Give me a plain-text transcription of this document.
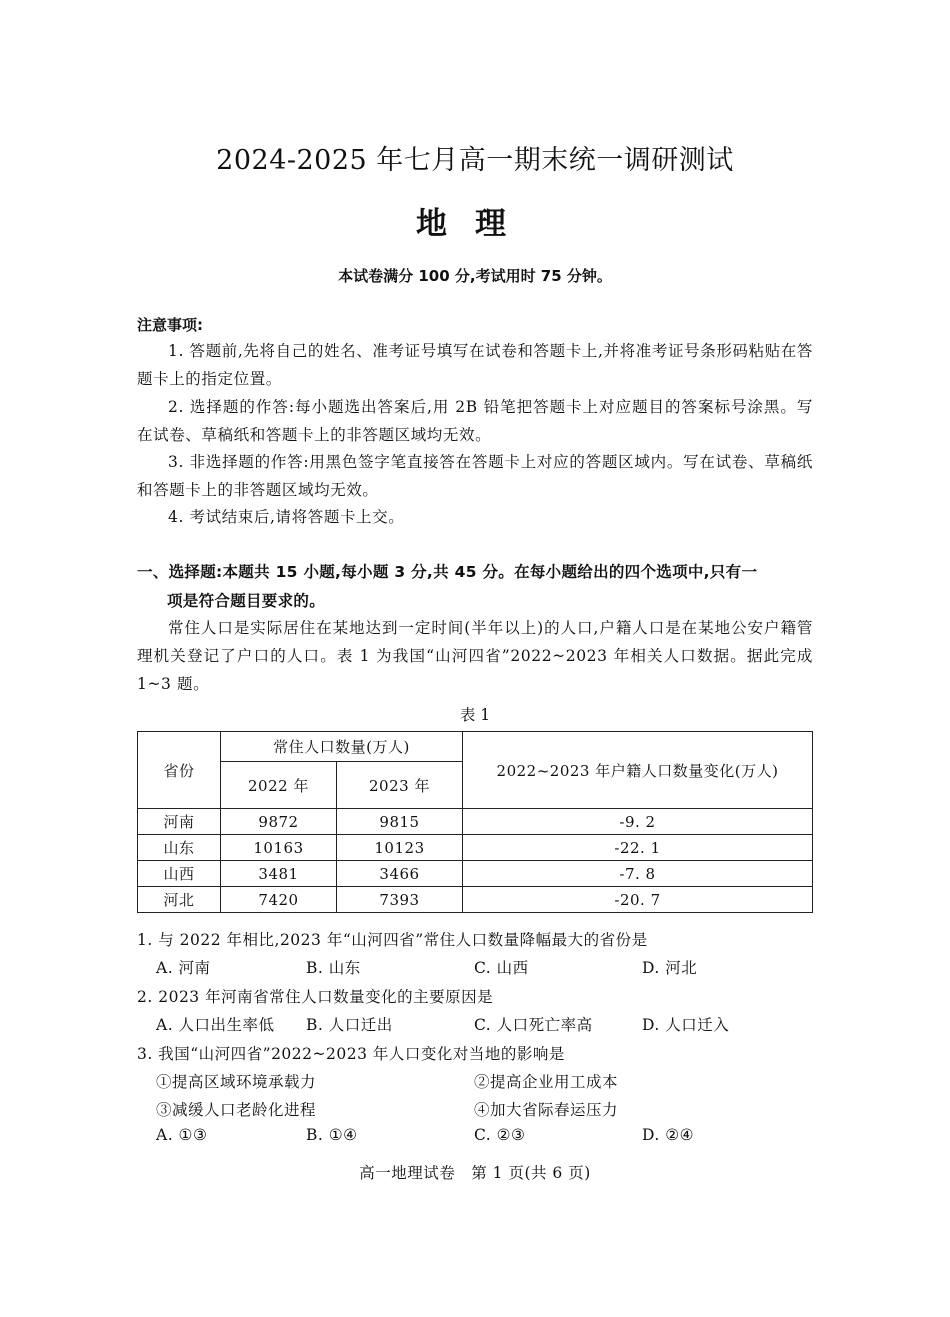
2024-2025 年七月高一期末统一调研测试
地理
本试卷满分 100 分,考试用时 75 分钟。
注意事项:
1. 答题前,先将自己的姓名、准考证号填写在试卷和答题卡上,并将准考证号条形码粘贴在答题卡上的指定位置。
2. 选择题的作答:每小题选出答案后,用 2B 铅笔把答题卡上对应题目的答案标号涂黑。写在试卷、草稿纸和答题卡上的非答题区域均无效。
3. 非选择题的作答:用黑色签字笔直接答在答题卡上对应的答题区域内。写在试卷、草稿纸和答题卡上的非答题区域均无效。
4. 考试结束后,请将答题卡上交。
一、选择题:本题共 15 小题,每小题 3 分,共 45 分。在每小题给出的四个选项中,只有一
项是符合题目要求的。
常住人口是实际居住在某地达到一定时间(半年以上)的人口,户籍人口是在某地公安户籍管理机关登记了户口的人口。表 1 为我国“山河四省”2022~2023 年相关人口数据。据此完成 1~3 题。
表 1
省份	常住人口数量(万人)		2022~2023 年户籍人口数量变化(万人)
	2022 年	2023 年	
河南	9872	9815	-9. 2
山东	10163	10123	-22. 1
山西	3481	3466	-7. 8
河北	7420	7393	-20. 7
1. 与 2022 年相比,2023 年“山河四省”常住人口数量降幅最大的省份是
A. 河南	B. 山东	C. 山西	D. 河北
2. 2023 年河南省常住人口数量变化的主要原因是
A. 人口出生率低 B. 人口迁出	C. 人口死亡率高	D. 人口迁入
3. 我国“山河四省”2022~2023 年人口变化对当地的影响是
①提高区域环境承载力	②提高企业用工成本
③减缓人口老龄化进程	④加大省际春运压力
A. ①③	B. ①④	C. ②③	D. ②④
高一地理试卷　第 1 页(共 6 页)
